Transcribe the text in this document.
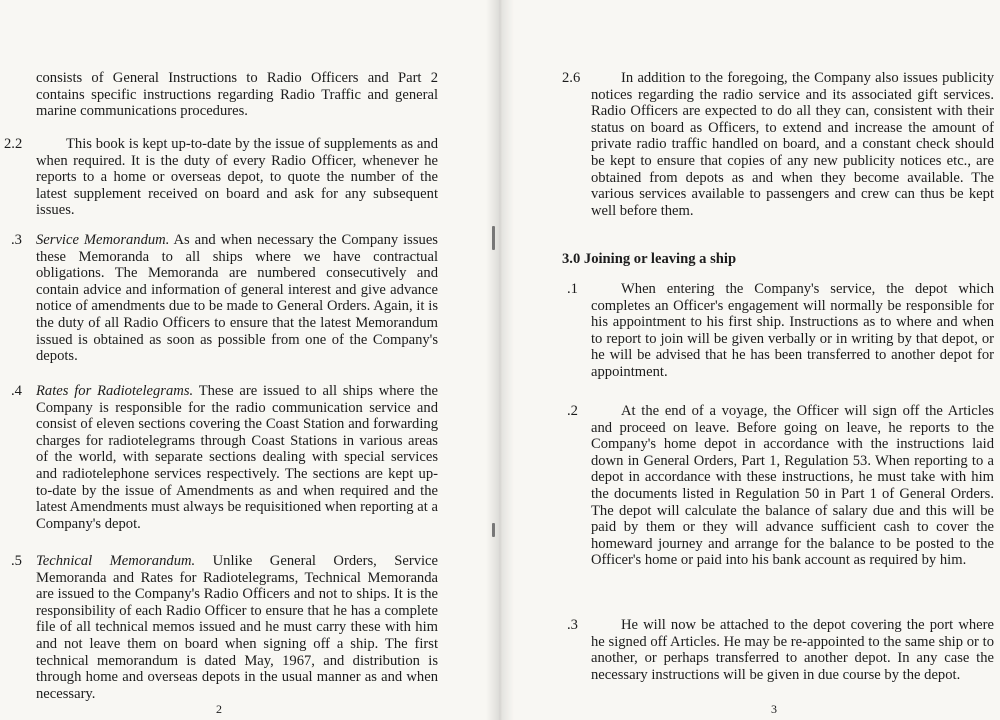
consists of General Instructions to Radio Officers and Part 2 contains specific instructions regarding Radio Traffic and general marine communications procedures.

2.2	This book is kept up-to-date by the issue of supplements as and when required. It is the duty of every Radio Officer, whenever he reports to a home or overseas depot, to quote the number of the latest supplement received on board and ask for any subsequent issues.

.3 Service Memorandum. As and when necessary the Company issues these Memoranda to all ships where we have contractual obligations. The Memoranda are numbered consecutively and contain advice and information of general interest and give advance notice of amendments due to be made to General Orders. Again, it is the duty of all Radio Officers to ensure that the latest Memorandum issued is obtained as soon as possible from one of the Company's depots.

.4 Rates for Radiotelegrams. These are issued to all ships where the Company is responsible for the radio communication service and consist of eleven sections covering the Coast Station and forwarding charges for radiotelegrams through Coast Stations in various areas of the world, with separate sections dealing with special services and radiotelephone services respectively. The sections are kept up-to-date by the issue of Amendments as and when required and the latest Amendments must always be requisitioned when reporting at a Company's depot.

.5 Technical Memorandum. Unlike General Orders, Service Memoranda and Rates for Radiotelegrams, Technical Memoranda are issued to the Company's Radio Officers and not to ships. It is the responsibility of each Radio Officer to ensure that he has a complete file of all technical memos issued and he must carry these with him and not leave them on board when signing off a ship. The first technical memorandum is dated May, 1967, and distribution is through home and overseas depots in the usual manner as and when necessary.

2
2.6	In addition to the foregoing, the Company also issues publicity notices regarding the radio service and its associated gift services. Radio Officers are expected to do all they can, consistent with their status on board as Officers, to extend and increase the amount of private radio traffic handled on board, and a constant check should be kept to ensure that copies of any new publicity notices etc., are obtained from depots as and when they become available. The various services available to passengers and crew can thus be kept well before them.

3.0 Joining or leaving a ship

.1	When entering the Company's service, the depot which completes an Officer's engagement will normally be responsible for his appointment to his first ship. Instructions as to where and when to report to join will be given verbally or in writing by that depot, or he will be advised that he has been transferred to another depot for appointment.

.2	At the end of a voyage, the Officer will sign off the Articles and proceed on leave. Before going on leave, he reports to the Company's home depot in accordance with the instructions laid down in General Orders, Part 1, Regulation 53. When reporting to a depot in accordance with these instructions, he must take with him the documents listed in Regulation 50 in Part 1 of General Orders. The depot will calculate the balance of salary due and this will be paid by them or they will advance sufficient cash to cover the homeward journey and arrange for the balance to be posted to the Officer's home or paid into his bank account as required by him.

.3	He will now be attached to the depot covering the port where he signed off Articles. He may be re-appointed to the same ship or to another, or perhaps transferred to another depot. In any case the necessary instructions will be given in due course by the depot.

3
